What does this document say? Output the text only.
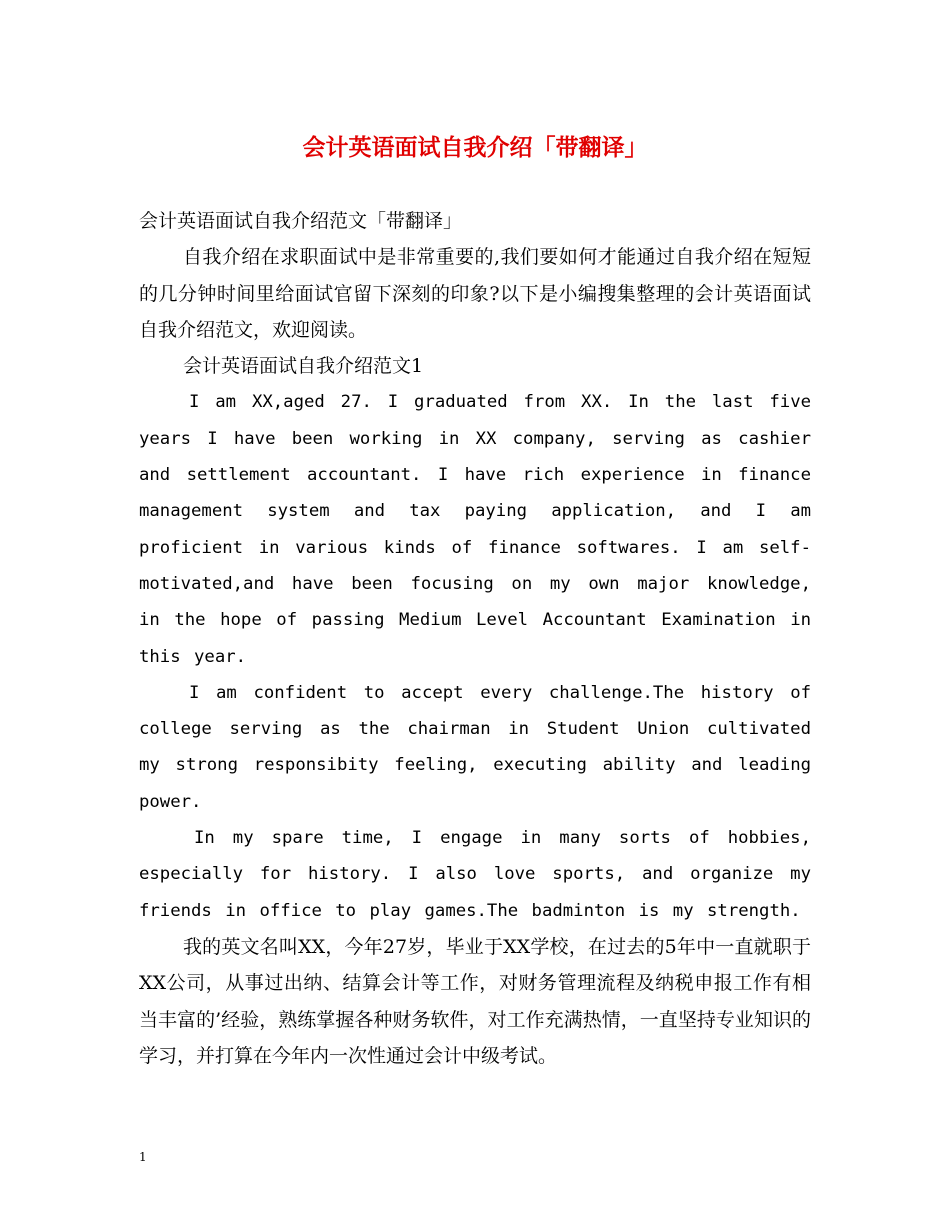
会计英语面试自我介绍「带翻译」

会计英语面试自我介绍范文「带翻译」

自我介绍在求职面试中是非常重要的,我们要如何才能通过自我介绍在短短的几分钟时间里给面试官留下深刻的印象?以下是小编搜集整理的会计英语面试自我介绍范文，欢迎阅读。

会计英语面试自我介绍范文1

I am XX,aged 27. I graduated from XX. In the last five years I have been working in XX company, serving as cashier and settlement accountant. I have rich experience in finance management system and tax paying application, and I am proficient in various kinds of finance softwares. I am self-motivated,and have been focusing on my own major knowledge, in the hope of passing Medium Level Accountant Examination in this year.

I am confident to accept every challenge.The history of college serving as the chairman in Student Union cultivated my strong responsibity feeling, executing ability and leading power.

In my spare time, I engage in many sorts of hobbies, especially for history. I also love sports, and organize my friends in office to play games.The badminton is my strength.

我的英文名叫XX，今年27岁，毕业于XX学校，在过去的5年中一直就职于XX公司，从事过出纳、结算会计等工作，对财务管理流程及纳税申报工作有相当丰富的’经验，熟练掌握各种财务软件，对工作充满热情，一直坚持专业知识的学习，并打算在今年内一次性通过会计中级考试。

1
